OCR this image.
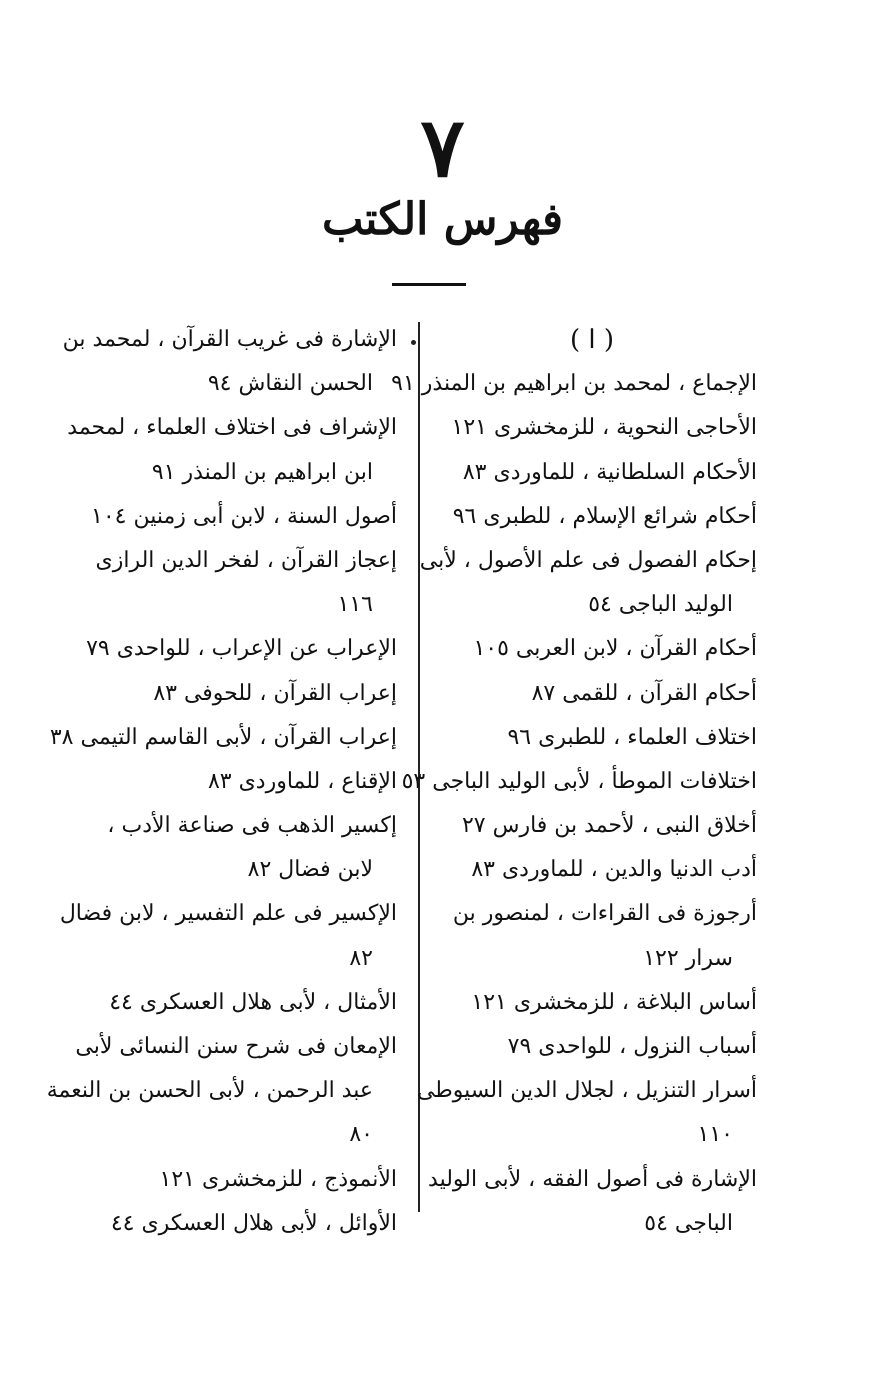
٧
فهرس الكتب
( ا )
الإجماع ، لمحمد بن ابراهيم بن المنذر ٩١
الأحاجى النحوية ، للزمخشرى ١٢١
الأحكام السلطانية ، للماوردى ٨٣
أحكام شرائع الإسلام ، للطبرى ٩٦
إحكام الفصول فى علم الأصول ، لأبى
الوليد الباجى ٥٤
أحكام القرآن ، لابن العربى ١٠٥
أحكام القرآن ، للقمى ٨٧
اختلاف العلماء ، للطبرى ٩٦
اختلافات الموطأ ، لأبى الوليد الباجى ٥٣
أخلاق النبى ، لأحمد بن فارس ٢٧
أدب الدنيا والدين ، للماوردى ٨٣
أرجوزة فى القراءات ، لمنصور بن
سرار ١٢٢
أساس البلاغة ، للزمخشرى ١٢١
أسباب النزول ، للواحدى ٧٩
أسرار التنزيل ، لجلال الدين السيوطى
١١٠
الإشارة فى أصول الفقه ، لأبى الوليد
الباجى ٥٤
الإشارة فى غريب القرآن ، لمحمد بن
الحسن النقاش ٩٤
الإشراف فى اختلاف العلماء ، لمحمد
ابن ابراهيم بن المنذر ٩١
أصول السنة ، لابن أبى زمنين ١٠٤
إعجاز القرآن ، لفخر الدين الرازى
١١٦
الإعراب عن الإعراب ، للواحدى ٧٩
إعراب القرآن ، للحوفى ٨٣
إعراب القرآن ، لأبى القاسم التيمى ٣٨
الإقناع ، للماوردى ٨٣
إكسير الذهب فى صناعة الأدب ،
لابن فضال ٨٢
الإكسير فى علم التفسير ، لابن فضال
٨٢
الأمثال ، لأبى هلال العسكرى ٤٤
الإمعان فى شرح سنن النسائى لأبى
عبد الرحمن ، لأبى الحسن بن النعمة
٨٠
الأنموذج ، للزمخشرى ١٢١
الأوائل ، لأبى هلال العسكرى ٤٤
